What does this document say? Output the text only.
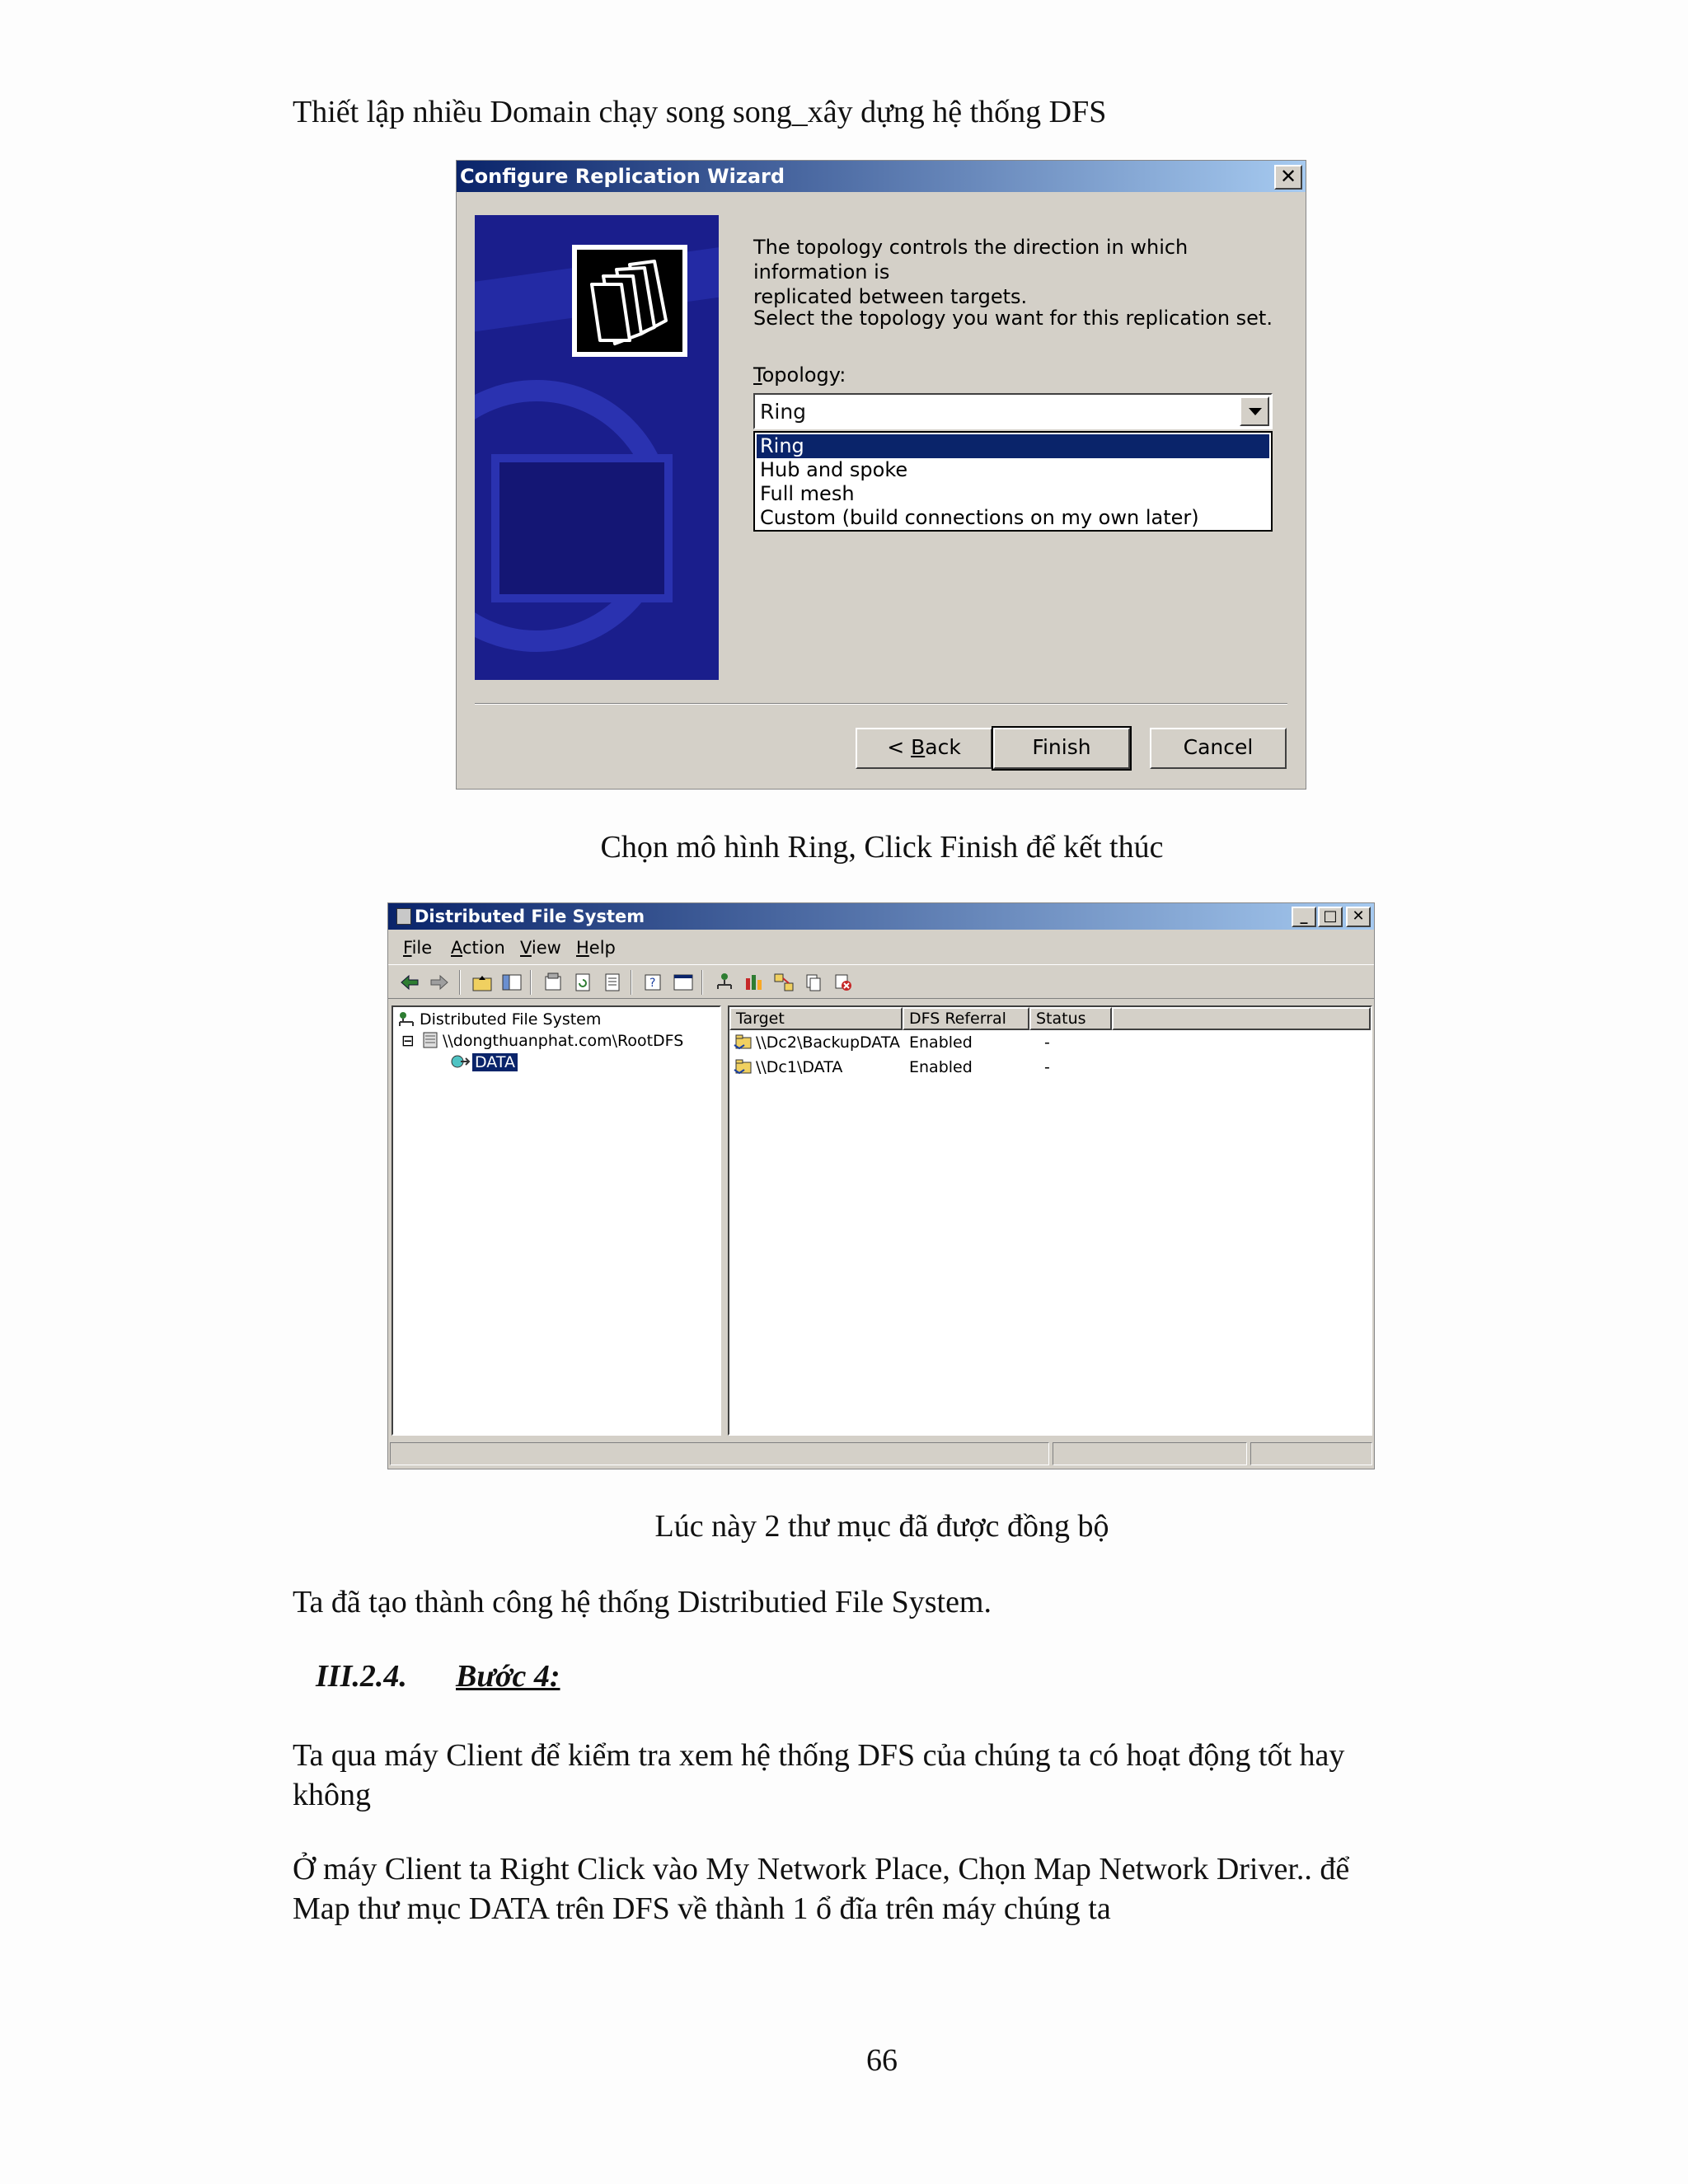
Thiết lập nhiều Domain chạy song song_xây dựng hệ thống DFS
Configure Replication Wizard	✕
The topology controls the direction in which information is
replicated between targets.
Select the topology you want for this replication set.
Topology:
Ring
Ring
Hub and spoke
Full mesh
Custom (build connections on my own later)
< Back	Finish	Cancel
Chọn mô hình Ring, Click Finish để kết thúc
Distributed File System	_	□ ✕
File Action View Help
?
Distributed File System
⊟ \\dongthuanphat.com\RootDFS
DATA
Target	DFS Referral	Status
\\Dc2\BackupDATA Enabled	-
\\Dc1\DATA	Enabled	-
Lúc này 2 thư mục đã được đồng bộ
Ta đã tạo thành công hệ thống Distributied File System.
III.2.4. Bước 4:
Ta qua máy Client để kiểm tra xem hệ thống DFS của chúng ta có hoạt động tốt hay
không
Ở máy Client ta Right Click vào My Network Place, Chọn Map Network Driver.. để
Map thư mục DATA trên DFS về thành 1 ổ đĩa trên máy chúng ta
66
